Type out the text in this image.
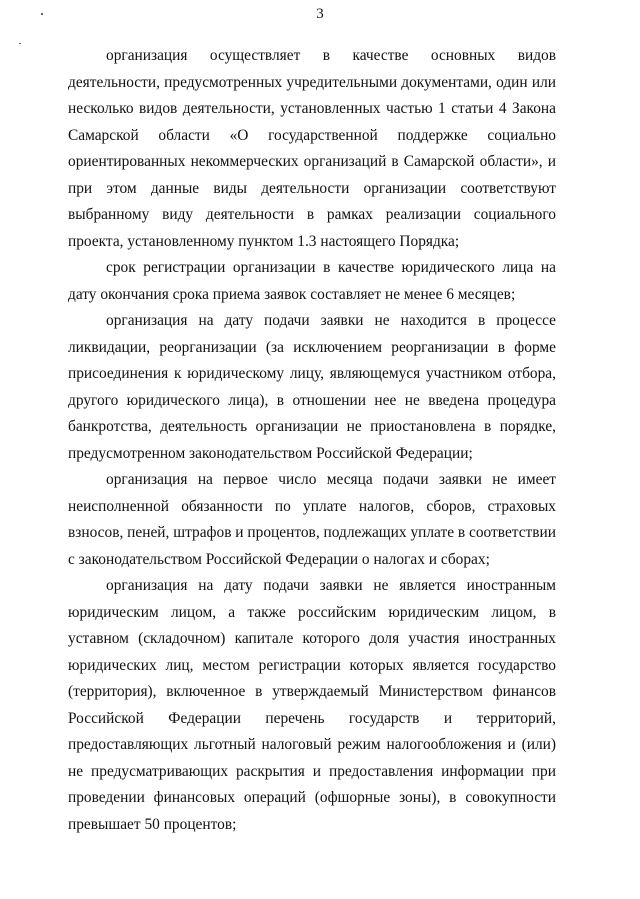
3

организация осуществляет в качестве основных видов деятельности, предусмотренных учредительными документами, один или несколько видов деятельности, установленных частью 1 статьи 4 Закона Самарской области «О государственной поддержке социально ориентированных некоммерческих организаций в Самарской области», и при этом данные виды деятельности организации соответствуют выбранному виду деятельности в рамках реализации социального проекта, установленному пунктом 1.3 настоящего Порядка;

срок регистрации организации в качестве юридического лица на дату окончания срока приема заявок составляет не менее 6 месяцев;

организация на дату подачи заявки не находится в процессе ликвидации, реорганизации (за исключением реорганизации в форме присоединения к юридическому лицу, являющемуся участником отбора, другого юридического лица), в отношении нее не введена процедура банкротства, деятельность организации не приостановлена в порядке, предусмотренном законодательством Российской Федерации;

организация на первое число месяца подачи заявки не имеет неисполненной обязанности по уплате налогов, сборов, страховых взносов, пеней, штрафов и процентов, подлежащих уплате в соответствии с законодательством Российской Федерации о налогах и сборах;

организация на дату подачи заявки не является иностранным юридическим лицом, а также российским юридическим лицом, в уставном (складочном) капитале которого доля участия иностранных юридических лиц, местом регистрации которых является государство (территория), включенное в утверждаемый Министерством финансов Российской Федерации перечень государств и территорий, предоставляющих льготный налоговый режим налогообложения и (или) не предусматривающих раскрытия и предоставления информации при проведении финансовых операций (офшорные зоны), в совокупности превышает 50 процентов;
